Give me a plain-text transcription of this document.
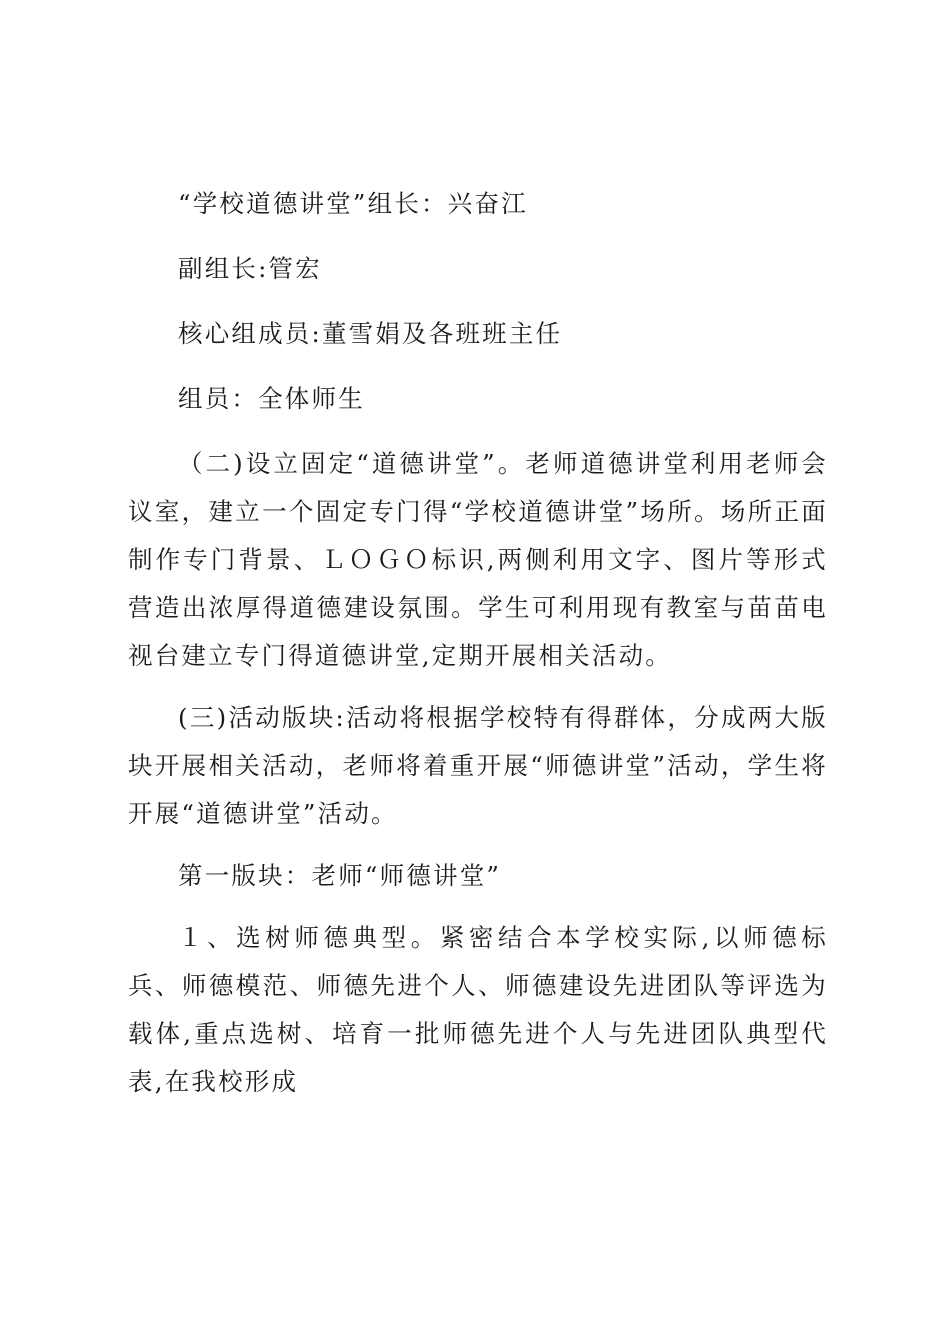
“学校道德讲堂”组长：兴奋江

副组长:管宏

核心组成员:董雪娟及各班班主任

组员：全体师生

（二)设立固定“道德讲堂”。老师道德讲堂利用老师会议室，建立一个固定专门得“学校道德讲堂”场所。场所正面制作专门背景、ＬＯＧＯ标识,两侧利用文字、图片等形式营造出浓厚得道德建设氛围。学生可利用现有教室与苗苗电视台建立专门得道德讲堂,定期开展相关活动。

(三)活动版块:活动将根据学校特有得群体，分成两大版块开展相关活动，老师将着重开展“师德讲堂”活动，学生将开展“道德讲堂”活动。

第一版块：老师“师德讲堂”

１、选树师德典型。紧密结合本学校实际,以师德标兵、师德模范、师德先进个人、师德建设先进团队等评选为载体,重点选树、培育一批师德先进个人与先进团队典型代表,在我校形成
